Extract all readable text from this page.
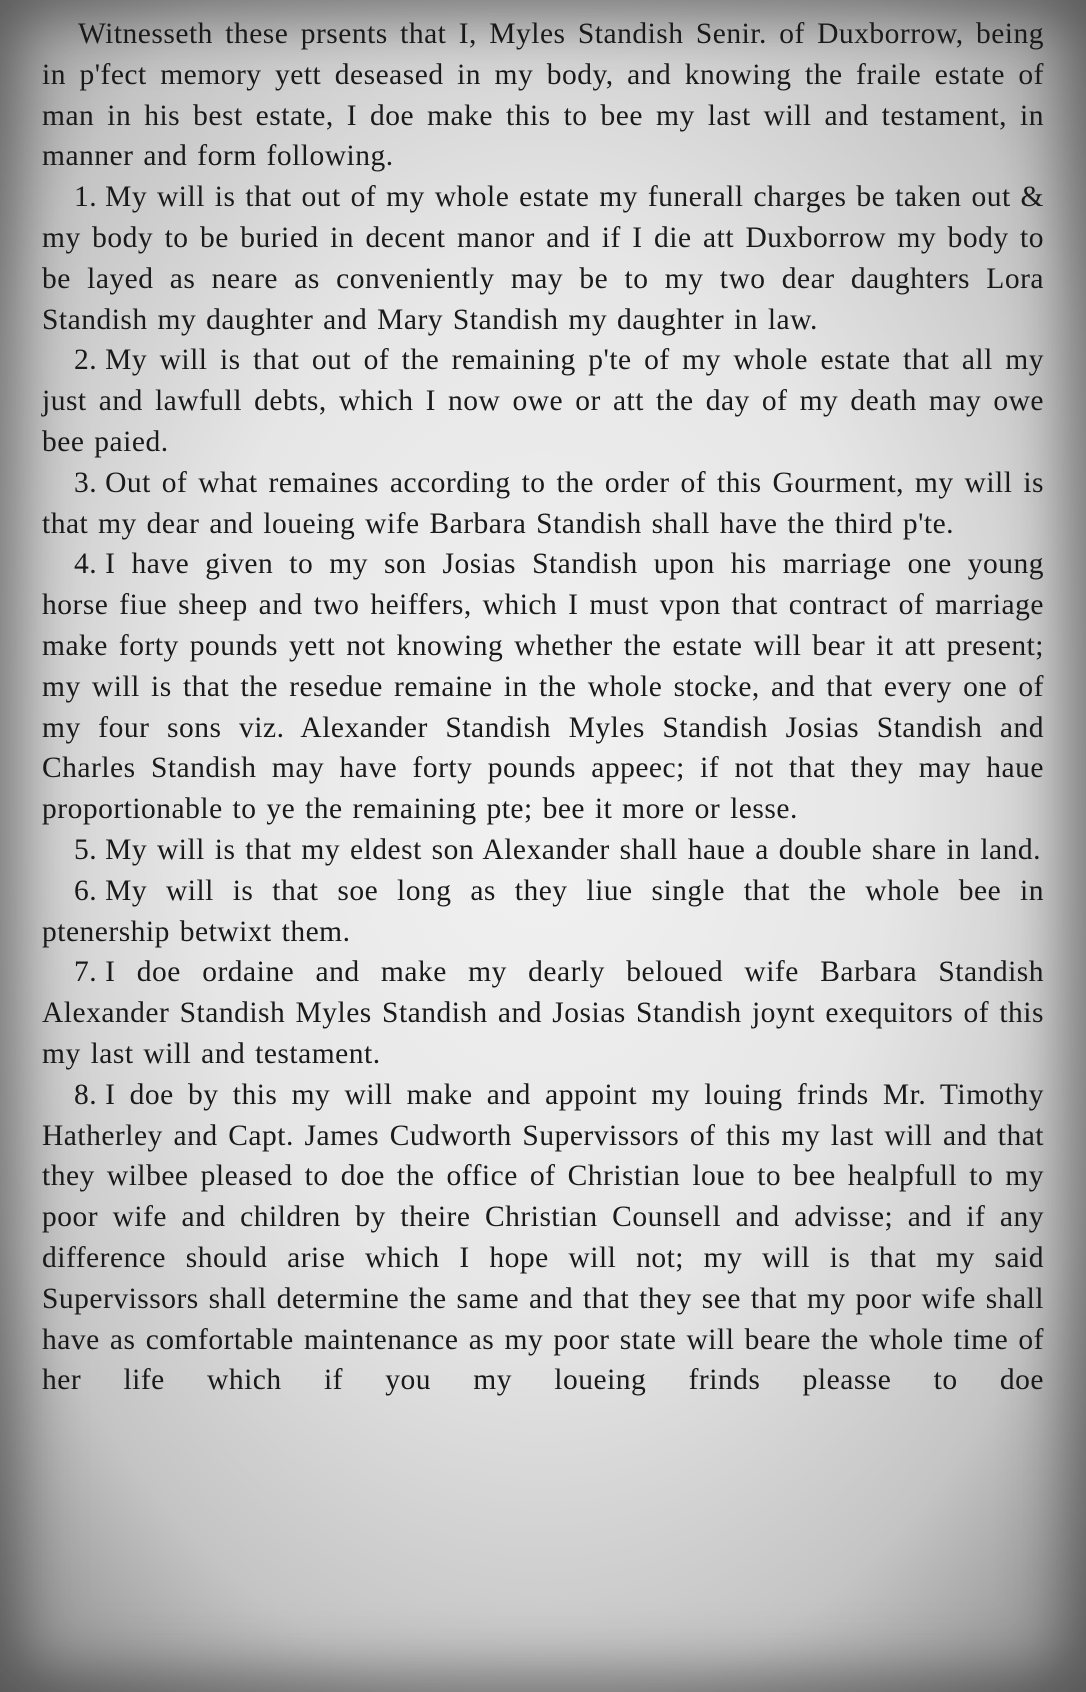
Witnesseth these prsents that I, Myles Standish Senir. of Duxborrow, being in p'fect memory yett deseased in my body, and knowing the fraile estate of man in his best estate, I doe make this to bee my last will and testament, in manner and form following.

1. My will is that out of my whole estate my funerall charges be taken out & my body to be buried in decent manor and if I die att Duxborrow my body to be layed as neare as conveniently may be to my two dear daughters Lora Standish my daughter and Mary Standish my daughter in law.

2. My will is that out of the remaining p'te of my whole estate that all my just and lawfull debts, which I now owe or att the day of my death may owe bee paied.

3. Out of what remaines according to the order of this Gourment, my will is that my dear and loueing wife Barbara Standish shall have the third p'te.

4. I have given to my son Josias Standish upon his marriage one young horse fiue sheep and two heiffers, which I must vpon that contract of marriage make forty pounds yett not knowing whether the estate will bear it att present; my will is that the resedue remaine in the whole stocke, and that every one of my four sons viz. Alexander Standish Myles Standish Josias Standish and Charles Standish may have forty pounds appeec; if not that they may haue proportionable to ye the remaining pte; bee it more or lesse.

5. My will is that my eldest son Alexander shall haue a double share in land.

6. My will is that soe long as they liue single that the whole bee in ptenership betwixt them.

7. I doe ordaine and make my dearly beloued wife Barbara Standish Alexander Standish Myles Standish and Josias Standish joynt exequitors of this my last will and testament.

8. I doe by this my will make and appoint my louing frinds Mr. Timothy Hatherley and Capt. James Cudworth Supervissors of this my last will and that they wilbee pleased to doe the office of Christian loue to bee healpfull to my poor wife and children by theire Christian Counsell and advisse; and if any difference should arise which I hope will not; my will is that my said Supervissors shall determine the same and that they see that my poor wife shall have as comfortable maintenance as my poor state will beare the whole time of her life which if you my loueing frinds pleasse to doe
